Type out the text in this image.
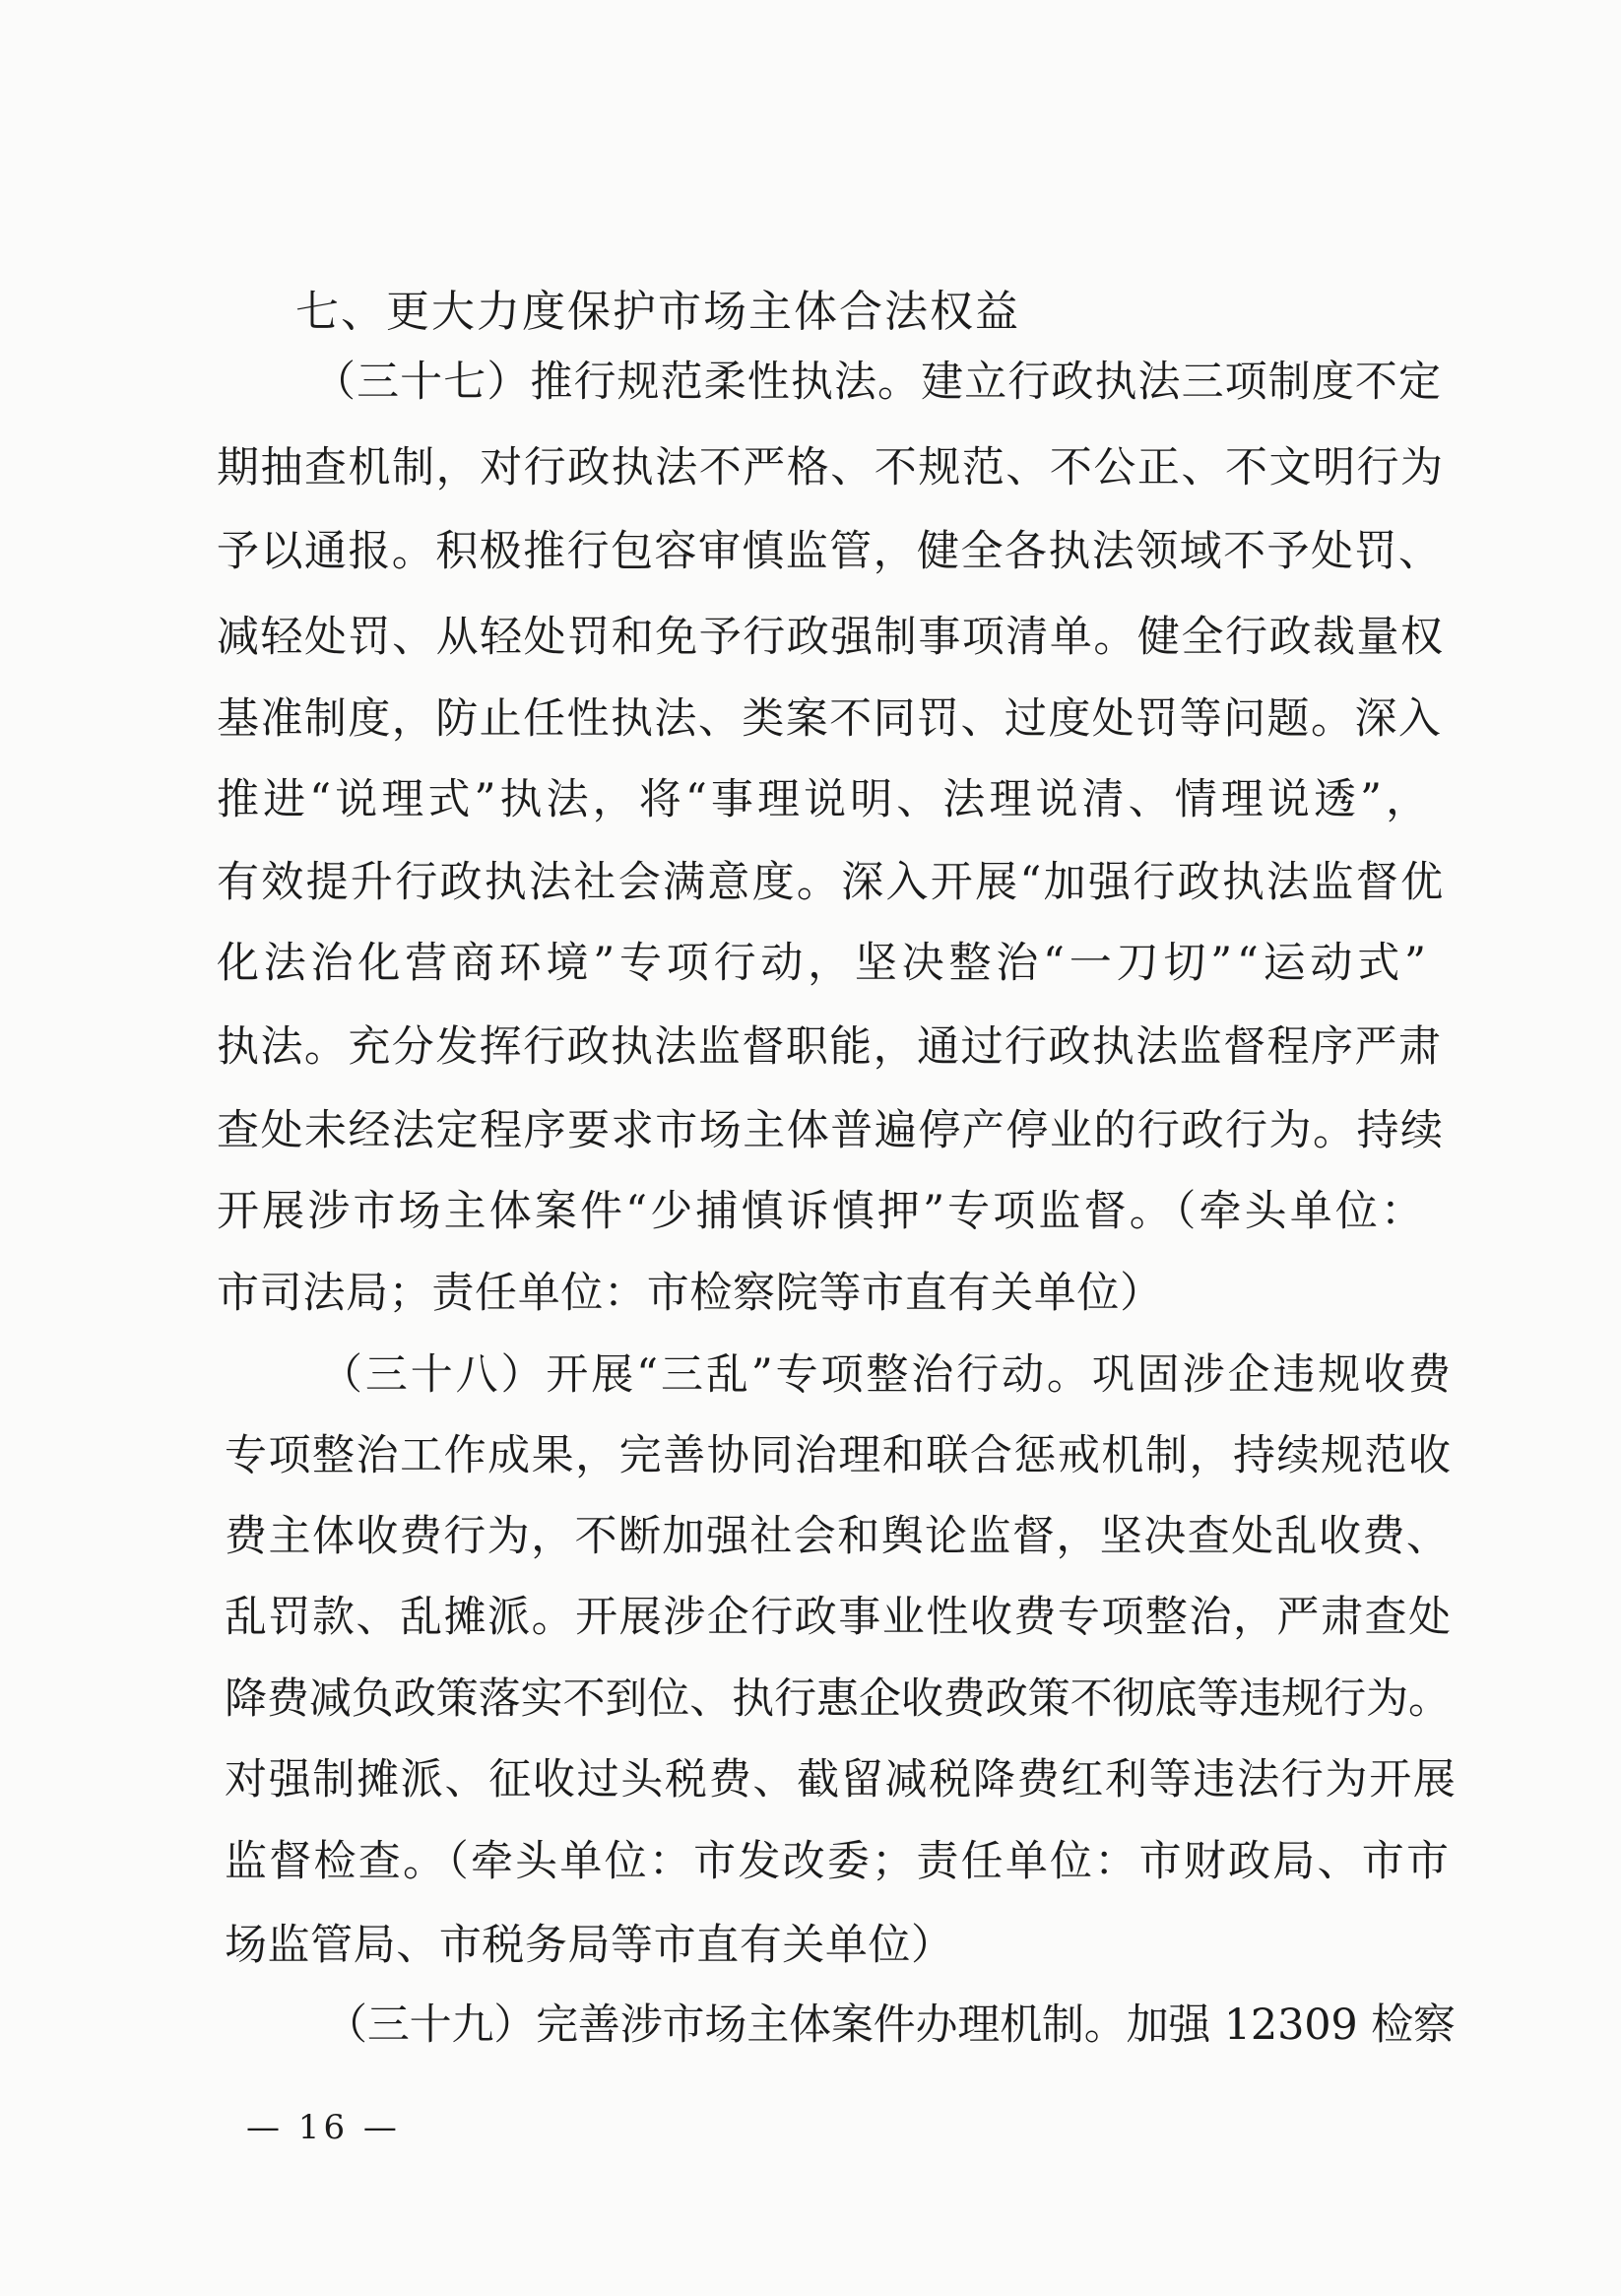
七、更大力度保护市场主体合法权益
（三十七）推行规范柔性执法。建立行政执法三项制度不定
期抽查机制，对行政执法不严格、不规范、不公正、不文明行为
予以通报。积极推行包容审慎监管，健全各执法领域不予处罚、
减轻处罚、从轻处罚和免予行政强制事项清单。健全行政裁量权
基准制度，防止任性执法、类案不同罚、过度处罚等问题。深入
推进“说理式”执法，将“事理说明、法理说清、情理说透”，
有效提升行政执法社会满意度。深入开展“加强行政执法监督优
化法治化营商环境”专项行动，坚决整治“一刀切”“运动式”
执法。充分发挥行政执法监督职能，通过行政执法监督程序严肃
查处未经法定程序要求市场主体普遍停产停业的行政行为。持续
开展涉市场主体案件“少捕慎诉慎押”专项监督。（牵头单位：
市司法局；责任单位：市检察院等市直有关单位）
（三十八）开展“三乱”专项整治行动。巩固涉企违规收费
专项整治工作成果，完善协同治理和联合惩戒机制，持续规范收
费主体收费行为，不断加强社会和舆论监督，坚决查处乱收费、
乱罚款、乱摊派。开展涉企行政事业性收费专项整治，严肃查处
降费减负政策落实不到位、执行惠企收费政策不彻底等违规行为。
对强制摊派、征收过头税费、截留减税降费红利等违法行为开展
监督检查。（牵头单位：市发改委；责任单位：市财政局、市市
场监管局、市税务局等市直有关单位）
（三十九）完善涉市场主体案件办理机制。加强 12309 检察
— 16 —
